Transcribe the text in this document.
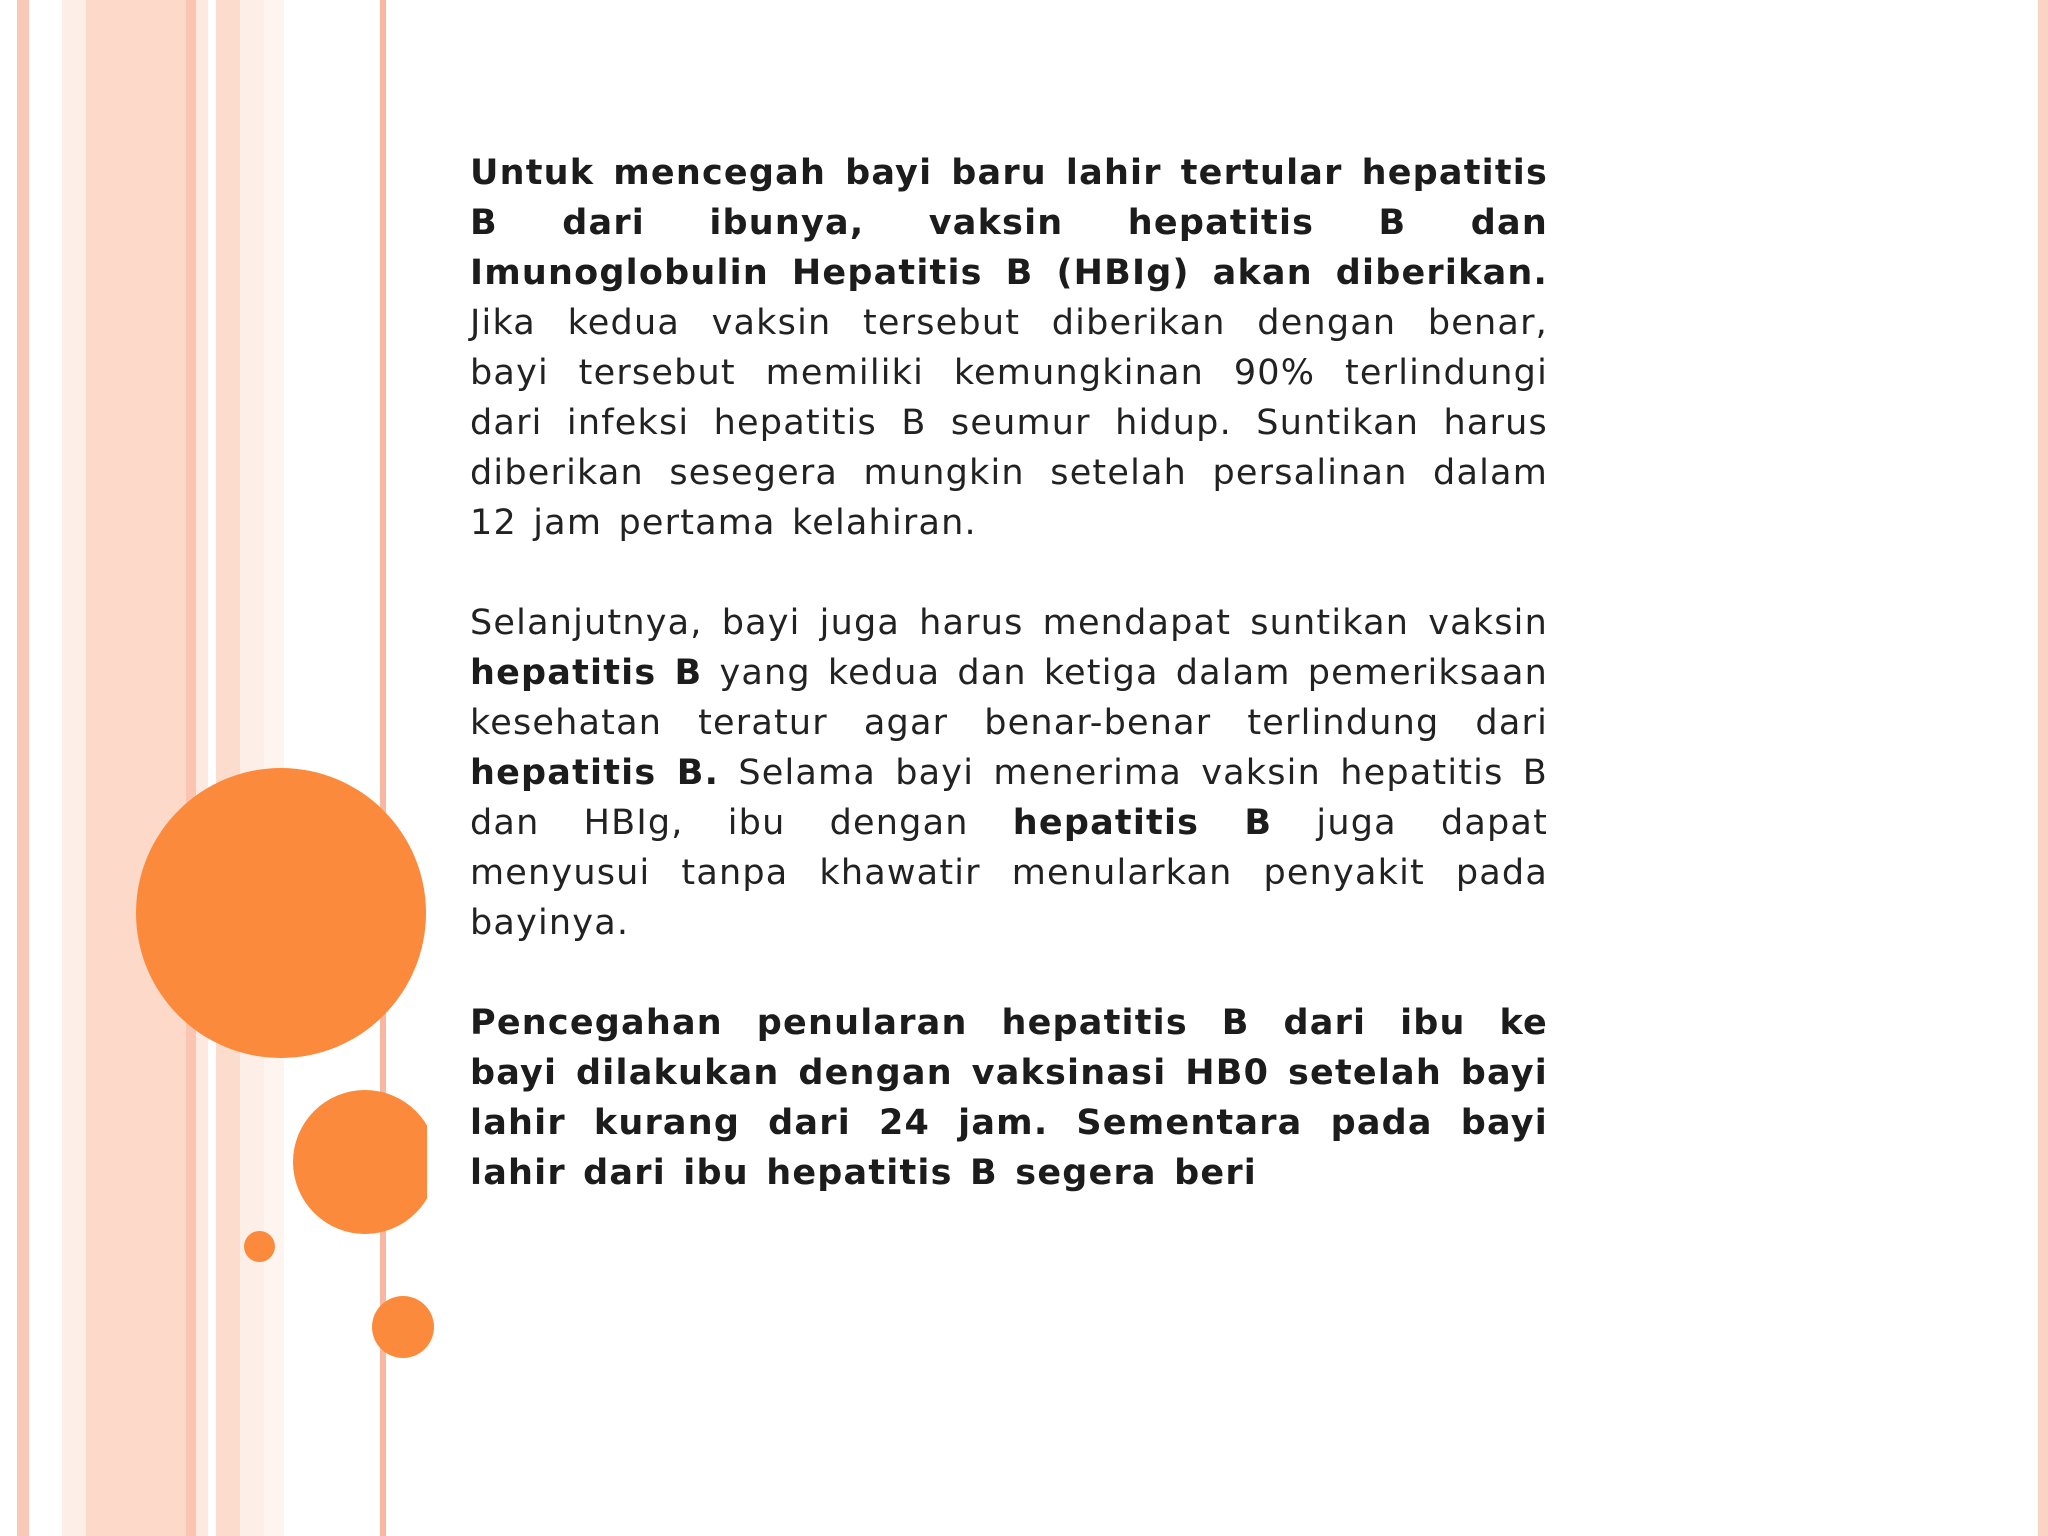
Untuk mencegah bayi baru lahir tertular hepatitis B dari ibunya, vaksin hepatitis B dan Imunoglobulin Hepatitis B (HBIg) akan diberikan. Jika kedua vaksin tersebut diberikan dengan benar, bayi tersebut memiliki kemungkinan 90% terlindungi dari infeksi hepatitis B seumur hidup. Suntikan harus diberikan sesegera mungkin setelah persalinan dalam 12 jam pertama kelahiran.

Selanjutnya, bayi juga harus mendapat suntikan vaksin hepatitis B yang kedua dan ketiga dalam pemeriksaan kesehatan teratur agar benar-benar terlindung dari hepatitis B. Selama bayi menerima vaksin hepatitis B dan HBIg, ibu dengan hepatitis B juga dapat menyusui tanpa khawatir menularkan penyakit pada bayinya.

Pencegahan penularan hepatitis B dari ibu ke bayi dilakukan dengan vaksinasi HB0 setelah bayi lahir kurang dari 24 jam. Sementara pada bayi lahir dari ibu hepatitis B segera beri
